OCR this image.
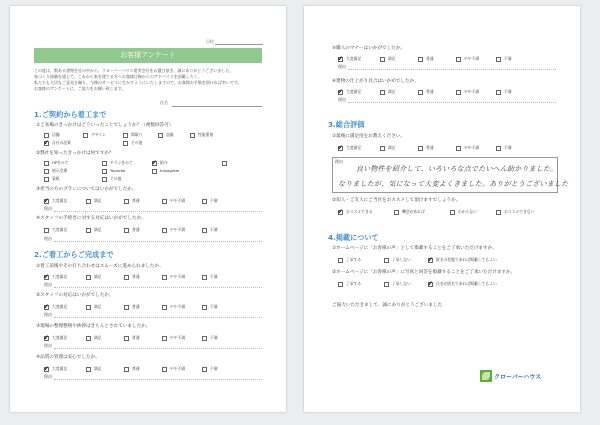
日付
お客様アンケート
この度は、数ある建物会社の中から、クローバーハウス建実会社をお選び頂き、誠にありがとうございました。
家づくり経験を通じて、これから家を建てる方へお客様目線からのアドバイスを頂戴したく、
私たちも大切なご意見を賜り、今後のサービスに生かすようにいたしますので、お客様お手数を頂ければ幸いです。
お客様のアンケートに、ご協力をお願い致します。
氏名
1.ご契約から着工まで
①ご来場のきっかけはどういったことでしょうか？（複数回答可）
店舗	デザイン	間取り	品揃	性能重視
自社の品質	その他
②弊社を知ったきっかけは何ですか？
HPをみて	チラシをみて	紹介
展示会場	Youtube	Instagram
看板	その他
③担当の方のプランについてはいかがでしたか。
大変満足	満足	普通	やや不満	不満
理由
④スタッフの手続きに対する対応はいかがでしたか。
大変満足	満足	普通	やや不満	不満
理由
2.ご着工からご完成まで
①着工前後やその打ち合わせはスムーズに進められましたか。
大変満足	満足	普通	やや不満	不満
理由
②スタッフの対応はいかがでしたか。
大変満足	満足	普通	やや不満	不満
理由
③現場の整理整頓や挨拶はきちんとされていましたか。
大変満足	満足	普通	やや不満	不満
理由
④品質の管理は安心でしたか。
大変満足	満足	普通	やや不満	不満
理由
⑤職人のマナーはいかがでしたか。
大変満足	満足	普通	やや不満	不満
理由
⑥建物の仕上がり具合はいかがでしたか。
大変満足	満足	普通	やや不満	不満
理由
3.総合評価
①最後に満足度をお教えください。
大変満足	満足	普通	やや不満	不満
理由
良い物件を紹介して、いろいろな点でたいへん助かりました。
なりましたが、気になって大変よくきました。ありがとうございました
②知人・ご友人にご当社をおススメして頂けますでしょうか。
おススメできる	機会があれば	わからない	おススメできない
4.掲載について
①ホームページに「お客様の声」として掲載することをご了承いただけますか。
了承する	了承しない	匿名の状態であれば掲載してもよい
②ホームページに「お客様の声」に写真と回答を掲載することをご了承いただけますか。
了承する	了承しない	氏名が匿名であれば掲載してもよい
ご協力いただきまして、誠にありがとうございました
クローバーハウス
